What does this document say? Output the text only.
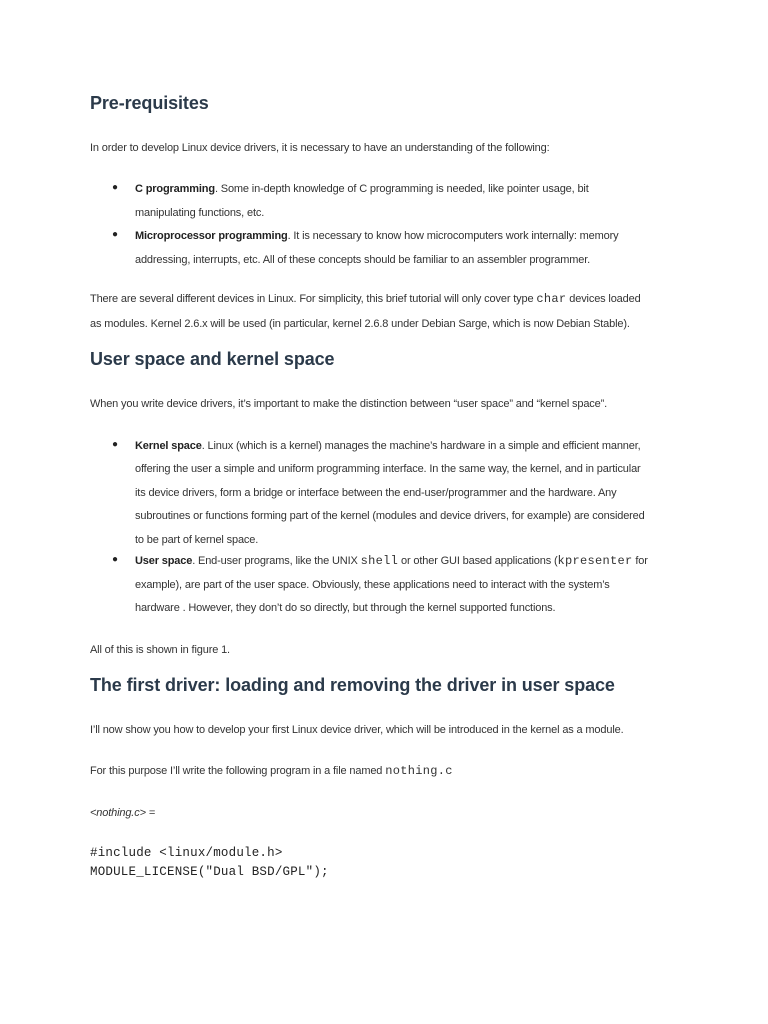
Pre-requisites
In order to develop Linux device drivers, it is necessary to have an understanding of the following:
● C programming. Some in-depth knowledge of C programming is needed, like pointer usage, bit
manipulating functions, etc.
● Microprocessor programming. It is necessary to know how microcomputers work internally: memory
addressing, interrupts, etc. All of these concepts should be familiar to an assembler programmer.
There are several different devices in Linux. For simplicity, this brief tutorial will only cover type char devices loaded
as modules. Kernel 2.6.x will be used (in particular, kernel 2.6.8 under Debian Sarge, which is now Debian Stable).
User space and kernel space
When you write device drivers, it’s important to make the distinction between “user space” and “kernel space”.
● Kernel space. Linux (which is a kernel) manages the machine’s hardware in a simple and efficient manner,
offering the user a simple and uniform programming interface. In the same way, the kernel, and in particular
its device drivers, form a bridge or interface between the end-user/programmer and the hardware. Any
subroutines or functions forming part of the kernel (modules and device drivers, for example) are considered
to be part of kernel space.
● User space. End-user programs, like the UNIX shell or other GUI based applications (kpresenter for
example), are part of the user space. Obviously, these applications need to interact with the system’s
hardware . However, they don’t do so directly, but through the kernel supported functions.
All of this is shown in figure 1.
The first driver: loading and removing the driver in user space
I’ll now show you how to develop your first Linux device driver, which will be introduced in the kernel as a module.
For this purpose I’ll write the following program in a file named nothing.c
<nothing.c> =
#include <linux/module.h>
MODULE_LICENSE("Dual BSD/GPL");
